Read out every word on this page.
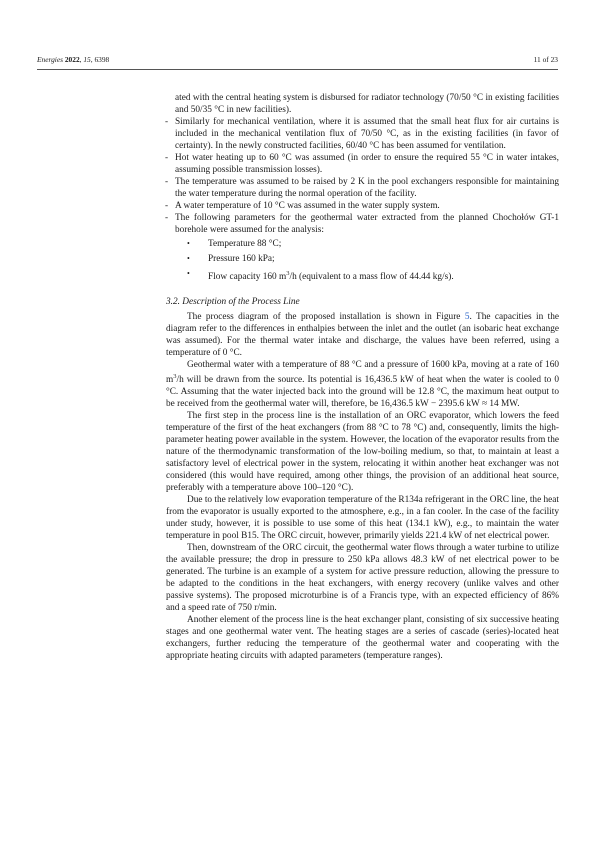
Energies 2022, 15, 6398	11 of 23

ated with the central heating system is disbursed for radiator technology (70/50 °C in existing facilities and 50/35 °C in new facilities).

- Similarly for mechanical ventilation, where it is assumed that the small heat flux for air curtains is included in the mechanical ventilation flux of 70/50 °C, as in the existing facilities (in favor of certainty). In the newly constructed facilities, 60/40 °C has been assumed for ventilation.
- Hot water heating up to 60 °C was assumed (in order to ensure the required 55 °C in water intakes, assuming possible transmission losses).
- The temperature was assumed to be raised by 2 K in the pool exchangers responsible for maintaining the water temperature during the normal operation of the facility.
- A water temperature of 10 °C was assumed in the water supply system.
- The following parameters for the geothermal water extracted from the planned Chochołów GT-1 borehole were assumed for the analysis:
• Temperature 88 °C;
• Pressure 160 kPa;
• Flow capacity 160 $m^3/h$ (equivalent to a mass flow of 44.44 kg/s).

3.2. Description of the Process Line

The process diagram of the proposed installation is shown in Figure 5. The capacities in the diagram refer to the differences in enthalpies between the inlet and the outlet (an isobaric heat exchange was assumed). For the thermal water intake and discharge, the values have been referred, using a temperature of 0 °C.

Geothermal water with a temperature of 88 °C and a pressure of 1600 kPa, moving at a rate of 160 $m^3/h$ will be drawn from the source. Its potential is 16,436.5 kW of heat when the water is cooled to 0 °C. Assuming that the water injected back into the ground will be 12.8 °C, the maximum heat output to be received from the geothermal water will, therefore, be 16,436.5 kW − 2395.6 kW ≈ 14 MW.

The first step in the process line is the installation of an ORC evaporator, which lowers the feed temperature of the first of the heat exchangers (from 88 °C to 78 °C) and, consequently, limits the high-parameter heating power available in the system. However, the location of the evaporator results from the nature of the thermodynamic transformation of the low-boiling medium, so that, to maintain at least a satisfactory level of electrical power in the system, relocating it within another heat exchanger was not considered (this would have required, among other things, the provision of an additional heat source, preferably with a temperature above 100–120 °C).

Due to the relatively low evaporation temperature of the R134a refrigerant in the ORC line, the heat from the evaporator is usually exported to the atmosphere, e.g., in a fan cooler. In the case of the facility under study, however, it is possible to use some of this heat (134.1 kW), e.g., to maintain the water temperature in pool B15. The ORC circuit, however, primarily yields 221.4 kW of net electrical power.

Then, downstream of the ORC circuit, the geothermal water flows through a water turbine to utilize the available pressure; the drop in pressure to 250 kPa allows 48.3 kW of net electrical power to be generated. The turbine is an example of a system for active pressure reduction, allowing the pressure to be adapted to the conditions in the heat exchangers, with energy recovery (unlike valves and other passive systems). The proposed microturbine is of a Francis type, with an expected efficiency of 86% and a speed rate of 750 r/min.

Another element of the process line is the heat exchanger plant, consisting of six successive heating stages and one geothermal water vent. The heating stages are a series of cascade (series)-located heat exchangers, further reducing the temperature of the geothermal water and cooperating with the appropriate heating circuits with adapted parameters (temperature ranges).
